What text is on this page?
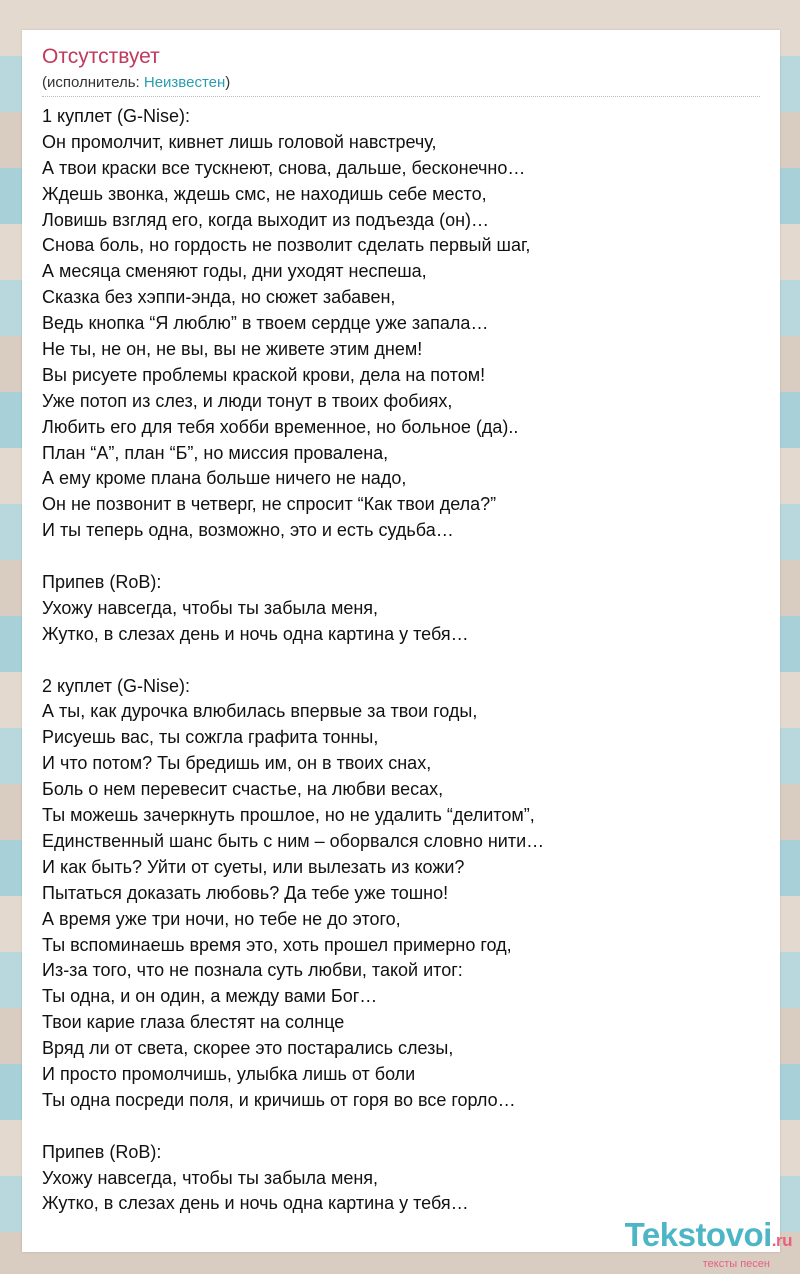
Отсутствует
(исполнитель: Неизвестен)
1 куплет (G-Nise):
Он промолчит, кивнет лишь головой навстречу,
А твои краски все тускнеют, снова, дальше, бесконечно…
Ждешь звонка, ждешь смс, не находишь себе место,
Ловишь взгляд его, когда выходит из подъезда (он)…
Снова боль, но гордость не позволит сделать первый шаг,
А месяца сменяют годы, дни уходят неспеша,
Сказка без хэппи-энда, но сюжет забавен,
Ведь кнопка “Я люблю” в твоем сердце уже запала…
Не ты, не он, не вы, вы не живете этим днем!
Вы рисуете проблемы краской крови, дела на потом!
Уже потоп из слез, и люди тонут в твоих фобиях,
Любить его для тебя хобби временное, но больное (да)..
План “А”, план “Б”, но миссия провалена,
А ему кроме плана больше ничего не надо,
Он не позвонит в четверг, не спросит “Как твои дела?”
И ты теперь одна, возможно, это и есть судьба…
Припев (RoB):
Ухожу навсегда, чтобы ты забыла меня,
Жутко, в слезах день и ночь одна картина у тебя…
2 куплет (G-Nise):
А ты, как дурочка влюбилась впервые за твои годы,
Рисуешь вас, ты сожгла графита тонны,
И что потом? Ты бредишь им, он в твоих снах,
Боль о нем перевесит счастье, на любви весах,
Ты можешь зачеркнуть прошлое, но не удалить “делитом”,
Единственный шанс быть с ним – оборвался словно нити…
И как быть? Уйти от суеты, или вылезать из кожи?
Пытаться доказать любовь? Да тебе уже тошно!
А время уже три ночи, но тебе не до этого,
Ты вспоминаешь время это, хоть прошел примерно год,
Из-за того, что не познала суть любви, такой итог:
Ты одна, и он один, а между вами Бог…
Твои карие глаза блестят на солнце
Вряд ли от света, скорее это постарались слезы,
И просто промолчишь, улыбка лишь от боли
Ты одна посреди поля, и кричишь от горя во все горло…
Припев (RoB):
Ухожу навсегда, чтобы ты забыла меня,
Жутко, в слезах день и ночь одна картина у тебя…
Tekstovoi.ru
тексты песен
